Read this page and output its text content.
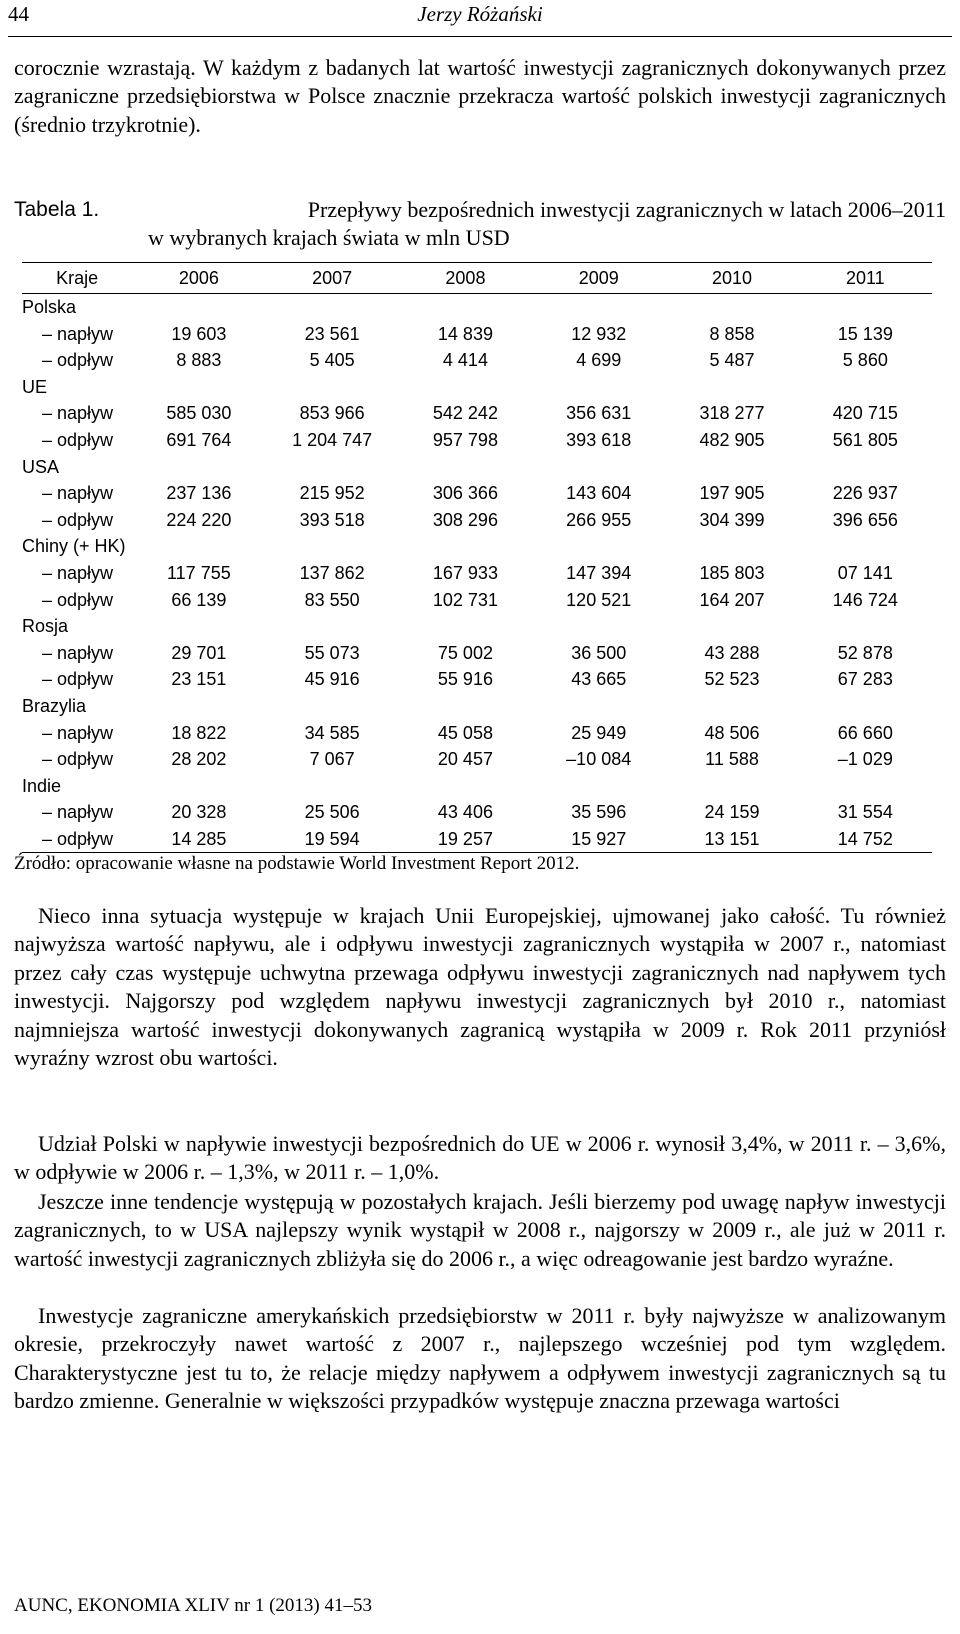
44	Jerzy Różański

corocznie wzrastają. W każdym z badanych lat wartość inwestycji zagranicznych dokonywanych przez zagraniczne przedsiębiorstwa w Polsce znacznie przekracza wartość polskich inwestycji zagranicznych (średnio trzykrotnie).

Tabela 1.	Przepływy bezpośrednich inwestycji zagranicznych w latach 2006–2011
w wybranych krajach świata w mln USD
Kraje	2006	2007	2008	2009	2010	2011
Polska						
– napływ	19 603	23 561	14 839	12 932	8 858	15 139
– odpływ	8 883	5 405	4 414	4 699	5 487	5 860
UE						
– napływ	585 030	853 966	542 242	356 631	318 277	420 715
– odpływ	691 764	1 204 747	957 798	393 618	482 905	561 805
USA						
– napływ	237 136	215 952	306 366	143 604	197 905	226 937
– odpływ	224 220	393 518	308 296	266 955	304 399	396 656
Chiny (+ HK)						
– napływ	117 755	137 862	167 933	147 394	185 803	07 141
– odpływ	66 139	83 550	102 731	120 521	164 207	146 724
Rosja						
– napływ	29 701	55 073	75 002	36 500	43 288	52 878
– odpływ	23 151	45 916	55 916	43 665	52 523	67 283
Brazylia						
– napływ	18 822	34 585	45 058	25 949	48 506	66 660
– odpływ	28 202	7 067	20 457	–10 084	11 588	–1 029
Indie						
– napływ	20 328	25 506	43 406	35 596	24 159	31 554
– odpływ	14 285	19 594	19 257	15 927	13 151	14 752
Źródło: opracowanie własne na podstawie World Investment Report 2012.

Nieco inna sytuacja występuje w krajach Unii Europejskiej, ujmowanej jako całość. Tu również najwyższa wartość napływu, ale i odpływu inwestycji zagranicznych wystąpiła w 2007 r., natomiast przez cały czas występuje uchwytna przewaga odpływu inwestycji zagranicznych nad napływem tych inwestycji. Najgorszy pod względem napływu inwestycji zagranicznych był 2010 r., natomiast najmniejsza wartość inwestycji dokonywanych zagranicą wystąpiła w 2009 r. Rok 2011 przyniósł wyraźny wzrost obu wartości.

Udział Polski w napływie inwestycji bezpośrednich do UE w 2006 r. wynosił 3,4%, w 2011 r. – 3,6%, w odpływie w 2006 r. – 1,3%, w 2011 r. – 1,0%.

Jeszcze inne tendencje występują w pozostałych krajach. Jeśli bierzemy pod uwagę napływ inwestycji zagranicznych, to w USA najlepszy wynik wystąpił w 2008 r., najgorszy w 2009 r., ale już w 2011 r. wartość inwestycji zagranicznych zbliżyła się do 2006 r., a więc odreagowanie jest bardzo wyraźne.

Inwestycje zagraniczne amerykańskich przedsiębiorstw w 2011 r. były najwyższe w analizowanym okresie, przekroczyły nawet wartość z 2007 r., najlepszego wcześniej pod tym względem. Charakterystyczne jest tu to, że relacje między napływem a odpływem inwestycji zagranicznych są tu bardzo zmienne. Generalnie w większości przypadków występuje znaczna przewaga wartości

AUNC, EKONOMIA XLIV nr 1 (2013) 41–53
